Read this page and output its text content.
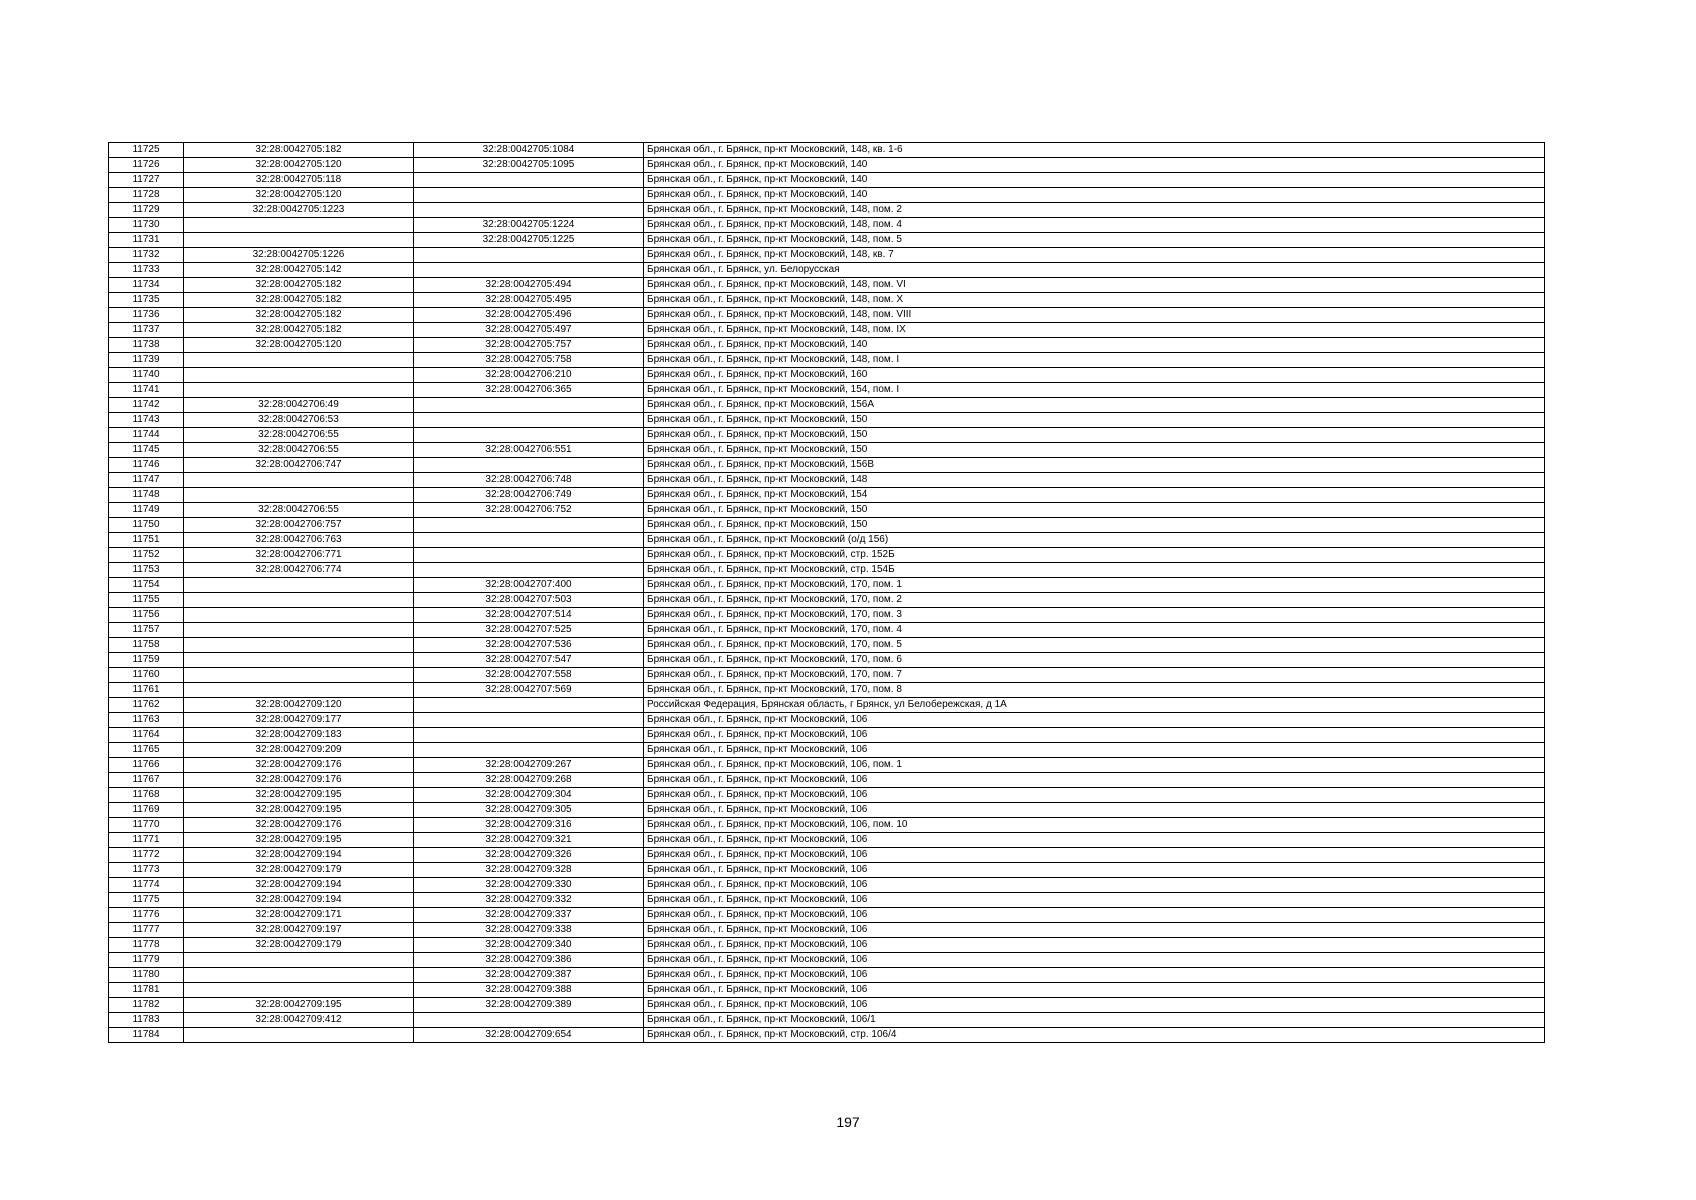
11725	32:28:0042705:182	32:28:0042705:1084	Брянская обл., г. Брянск, пр-кт Московский, 148, кв. 1-6
11726	32:28:0042705:120	32:28:0042705:1095	Брянская обл., г. Брянск, пр-кт Московский, 140
11727	32:28:0042705:118		Брянская обл., г. Брянск, пр-кт Московский, 140
11728	32:28:0042705:120		Брянская обл., г. Брянск, пр-кт Московский, 140
11729	32:28:0042705:1223		Брянская обл., г. Брянск, пр-кт Московский, 148, пом. 2
11730		32:28:0042705:1224	Брянская обл., г. Брянск, пр-кт Московский, 148, пом. 4
11731		32:28:0042705:1225	Брянская обл., г. Брянск, пр-кт Московский, 148, пом. 5
11732	32:28:0042705:1226		Брянская обл., г. Брянск, пр-кт Московский, 148, кв. 7
11733	32:28:0042705:142		Брянская обл., г. Брянск, ул. Белорусская
11734	32:28:0042705:182	32:28:0042705:494	Брянская обл., г. Брянск, пр-кт Московский, 148, пом. VI
11735	32:28:0042705:182	32:28:0042705:495	Брянская обл., г. Брянск, пр-кт Московский, 148, пом. X
11736	32:28:0042705:182	32:28:0042705:496	Брянская обл., г. Брянск, пр-кт Московский, 148, пом. VIII
11737	32:28:0042705:182	32:28:0042705:497	Брянская обл., г. Брянск, пр-кт Московский, 148, пом. IX
11738	32:28:0042705:120	32:28:0042705:757	Брянская обл., г. Брянск, пр-кт Московский, 140
11739		32:28:0042705:758	Брянская обл., г. Брянск, пр-кт Московский, 148, пом. I
11740		32:28:0042706:210	Брянская обл., г. Брянск, пр-кт Московский, 160
11741		32:28:0042706:365	Брянская обл., г. Брянск, пр-кт Московский, 154, пом. I
11742	32:28:0042706:49		Брянская обл., г. Брянск, пр-кт Московский, 156А
11743	32:28:0042706:53		Брянская обл., г. Брянск, пр-кт Московский, 150
11744	32:28:0042706:55		Брянская обл., г. Брянск, пр-кт Московский, 150
11745	32:28:0042706:55	32:28:0042706:551	Брянская обл., г. Брянск, пр-кт Московский, 150
11746	32:28:0042706:747		Брянская обл., г. Брянск, пр-кт Московский, 156В
11747		32:28:0042706:748	Брянская обл., г. Брянск, пр-кт Московский, 148
11748		32:28:0042706:749	Брянская обл., г. Брянск, пр-кт Московский, 154
11749	32:28:0042706:55	32:28:0042706:752	Брянская обл., г. Брянск, пр-кт Московский, 150
11750	32:28:0042706:757		Брянская обл., г. Брянск, пр-кт Московский, 150
11751	32:28:0042706:763		Брянская обл., г. Брянск, пр-кт Московский (о/д 156)
11752	32:28:0042706:771		Брянская обл., г. Брянск, пр-кт Московский, стр. 152Б
11753	32:28:0042706:774		Брянская обл., г. Брянск, пр-кт Московский, стр. 154Б
11754		32:28:0042707:400	Брянская обл., г. Брянск, пр-кт Московский, 170, пом. 1
11755		32:28:0042707:503	Брянская обл., г. Брянск, пр-кт Московский, 170, пом. 2
11756		32:28:0042707:514	Брянская обл., г. Брянск, пр-кт Московский, 170, пом. 3
11757		32:28:0042707:525	Брянская обл., г. Брянск, пр-кт Московский, 170, пом. 4
11758		32:28:0042707:536	Брянская обл., г. Брянск, пр-кт Московский, 170, пом. 5
11759		32:28:0042707:547	Брянская обл., г. Брянск, пр-кт Московский, 170, пом. 6
11760		32:28:0042707:558	Брянская обл., г. Брянск, пр-кт Московский, 170, пом. 7
11761		32:28:0042707:569	Брянская обл., г. Брянск, пр-кт Московский, 170, пом. 8
11762	32:28:0042709:120		Российская Федерация, Брянская область, г Брянск, ул Белобережская, д 1А
11763	32:28:0042709:177		Брянская обл., г. Брянск, пр-кт Московский, 106
11764	32:28:0042709:183		Брянская обл., г. Брянск, пр-кт Московский, 106
11765	32:28:0042709:209		Брянская обл., г. Брянск, пр-кт Московский, 106
11766	32:28:0042709:176	32:28:0042709:267	Брянская обл., г. Брянск, пр-кт Московский, 106, пом. 1
11767	32:28:0042709:176	32:28:0042709:268	Брянская обл., г. Брянск, пр-кт Московский, 106
11768	32:28:0042709:195	32:28:0042709:304	Брянская обл., г. Брянск, пр-кт Московский, 106
11769	32:28:0042709:195	32:28:0042709:305	Брянская обл., г. Брянск, пр-кт Московский, 106
11770	32:28:0042709:176	32:28:0042709:316	Брянская обл., г. Брянск, пр-кт Московский, 106, пом. 10
11771	32:28:0042709:195	32:28:0042709:321	Брянская обл., г. Брянск, пр-кт Московский, 106
11772	32:28:0042709:194	32:28:0042709:326	Брянская обл., г. Брянск, пр-кт Московский, 106
11773	32:28:0042709:179	32:28:0042709:328	Брянская обл., г. Брянск, пр-кт Московский, 106
11774	32:28:0042709:194	32:28:0042709:330	Брянская обл., г. Брянск, пр-кт Московский, 106
11775	32:28:0042709:194	32:28:0042709:332	Брянская обл., г. Брянск, пр-кт Московский, 106
11776	32:28:0042709:171	32:28:0042709:337	Брянская обл., г. Брянск, пр-кт Московский, 106
11777	32:28:0042709:197	32:28:0042709:338	Брянская обл., г. Брянск, пр-кт Московский, 106
11778	32:28:0042709:179	32:28:0042709:340	Брянская обл., г. Брянск, пр-кт Московский, 106
11779		32:28:0042709:386	Брянская обл., г. Брянск, пр-кт Московский, 106
11780		32:28:0042709:387	Брянская обл., г. Брянск, пр-кт Московский, 106
11781		32:28:0042709:388	Брянская обл., г. Брянск, пр-кт Московский, 106
11782	32:28:0042709:195	32:28:0042709:389	Брянская обл., г. Брянск, пр-кт Московский, 106
11783	32:28:0042709:412		Брянская обл., г. Брянск, пр-кт Московский, 106/1
11784		32:28:0042709:654	Брянская обл., г. Брянск, пр-кт Московский, стр. 106/4
197
